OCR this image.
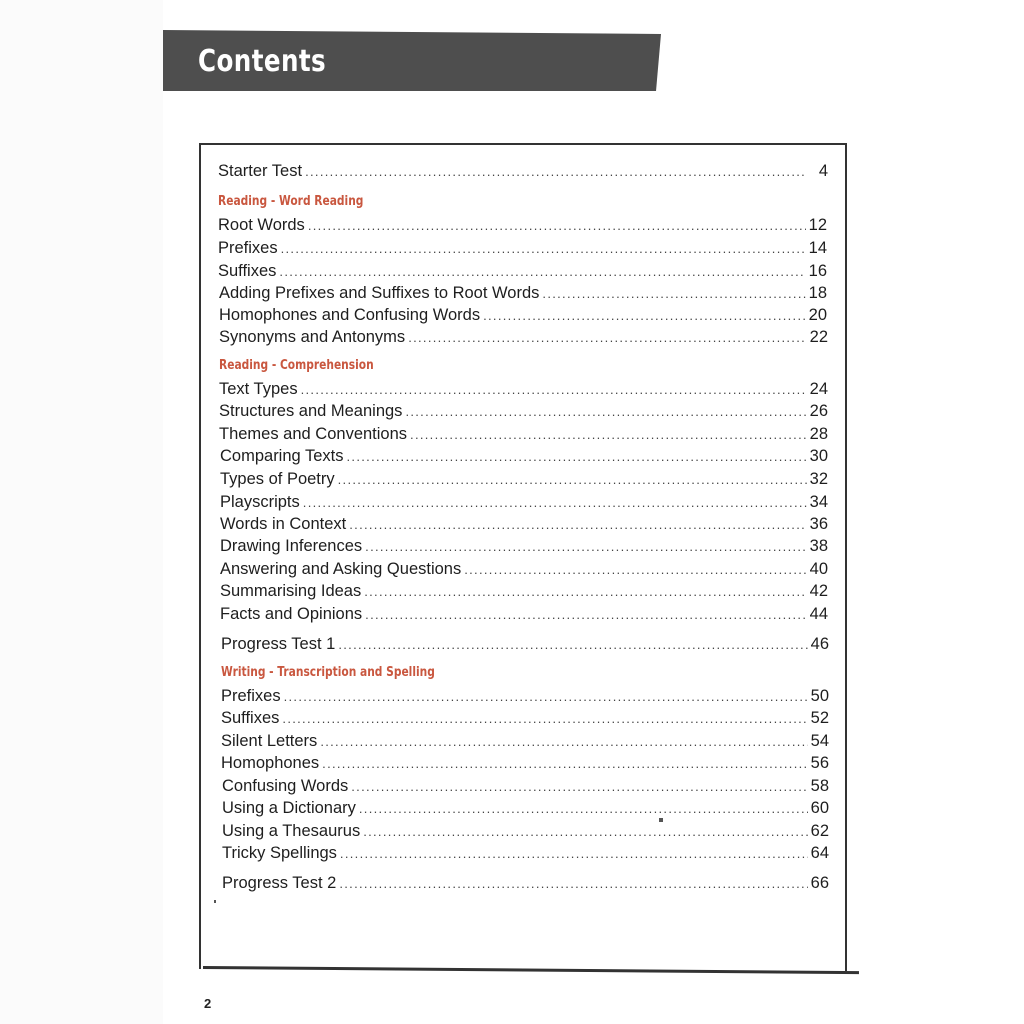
Contents
Starter Test .....	4
Reading - Word Reading
Root Words .....	12
Prefixes .....	14
Suffixes .....	16
Adding Prefixes and Suffixes to Root Words .....	18
Homophones and Confusing Words .....	20
Synonyms and Antonyms .....	22
Reading - Comprehension
Text Types .....	24
Structures and Meanings .....	26
Themes and Conventions .....	28
Comparing Texts .....	30
Types of Poetry .....	32
Playscripts .....	34
Words in Context .....	36
Drawing Inferences .....	38
Answering and Asking Questions .....	40
Summarising Ideas .....	42
Facts and Opinions .....	44
Progress Test 1 .....	46
Writing - Transcription and Spelling
Prefixes .....	50
Suffixes .....	52
Silent Letters .....	54
Homophones .....	56
Confusing Words .....	58
Using a Dictionary .....	60
Using a Thesaurus .....	62
Tricky Spellings .....	64
Progress Test 2 .....	66
2
